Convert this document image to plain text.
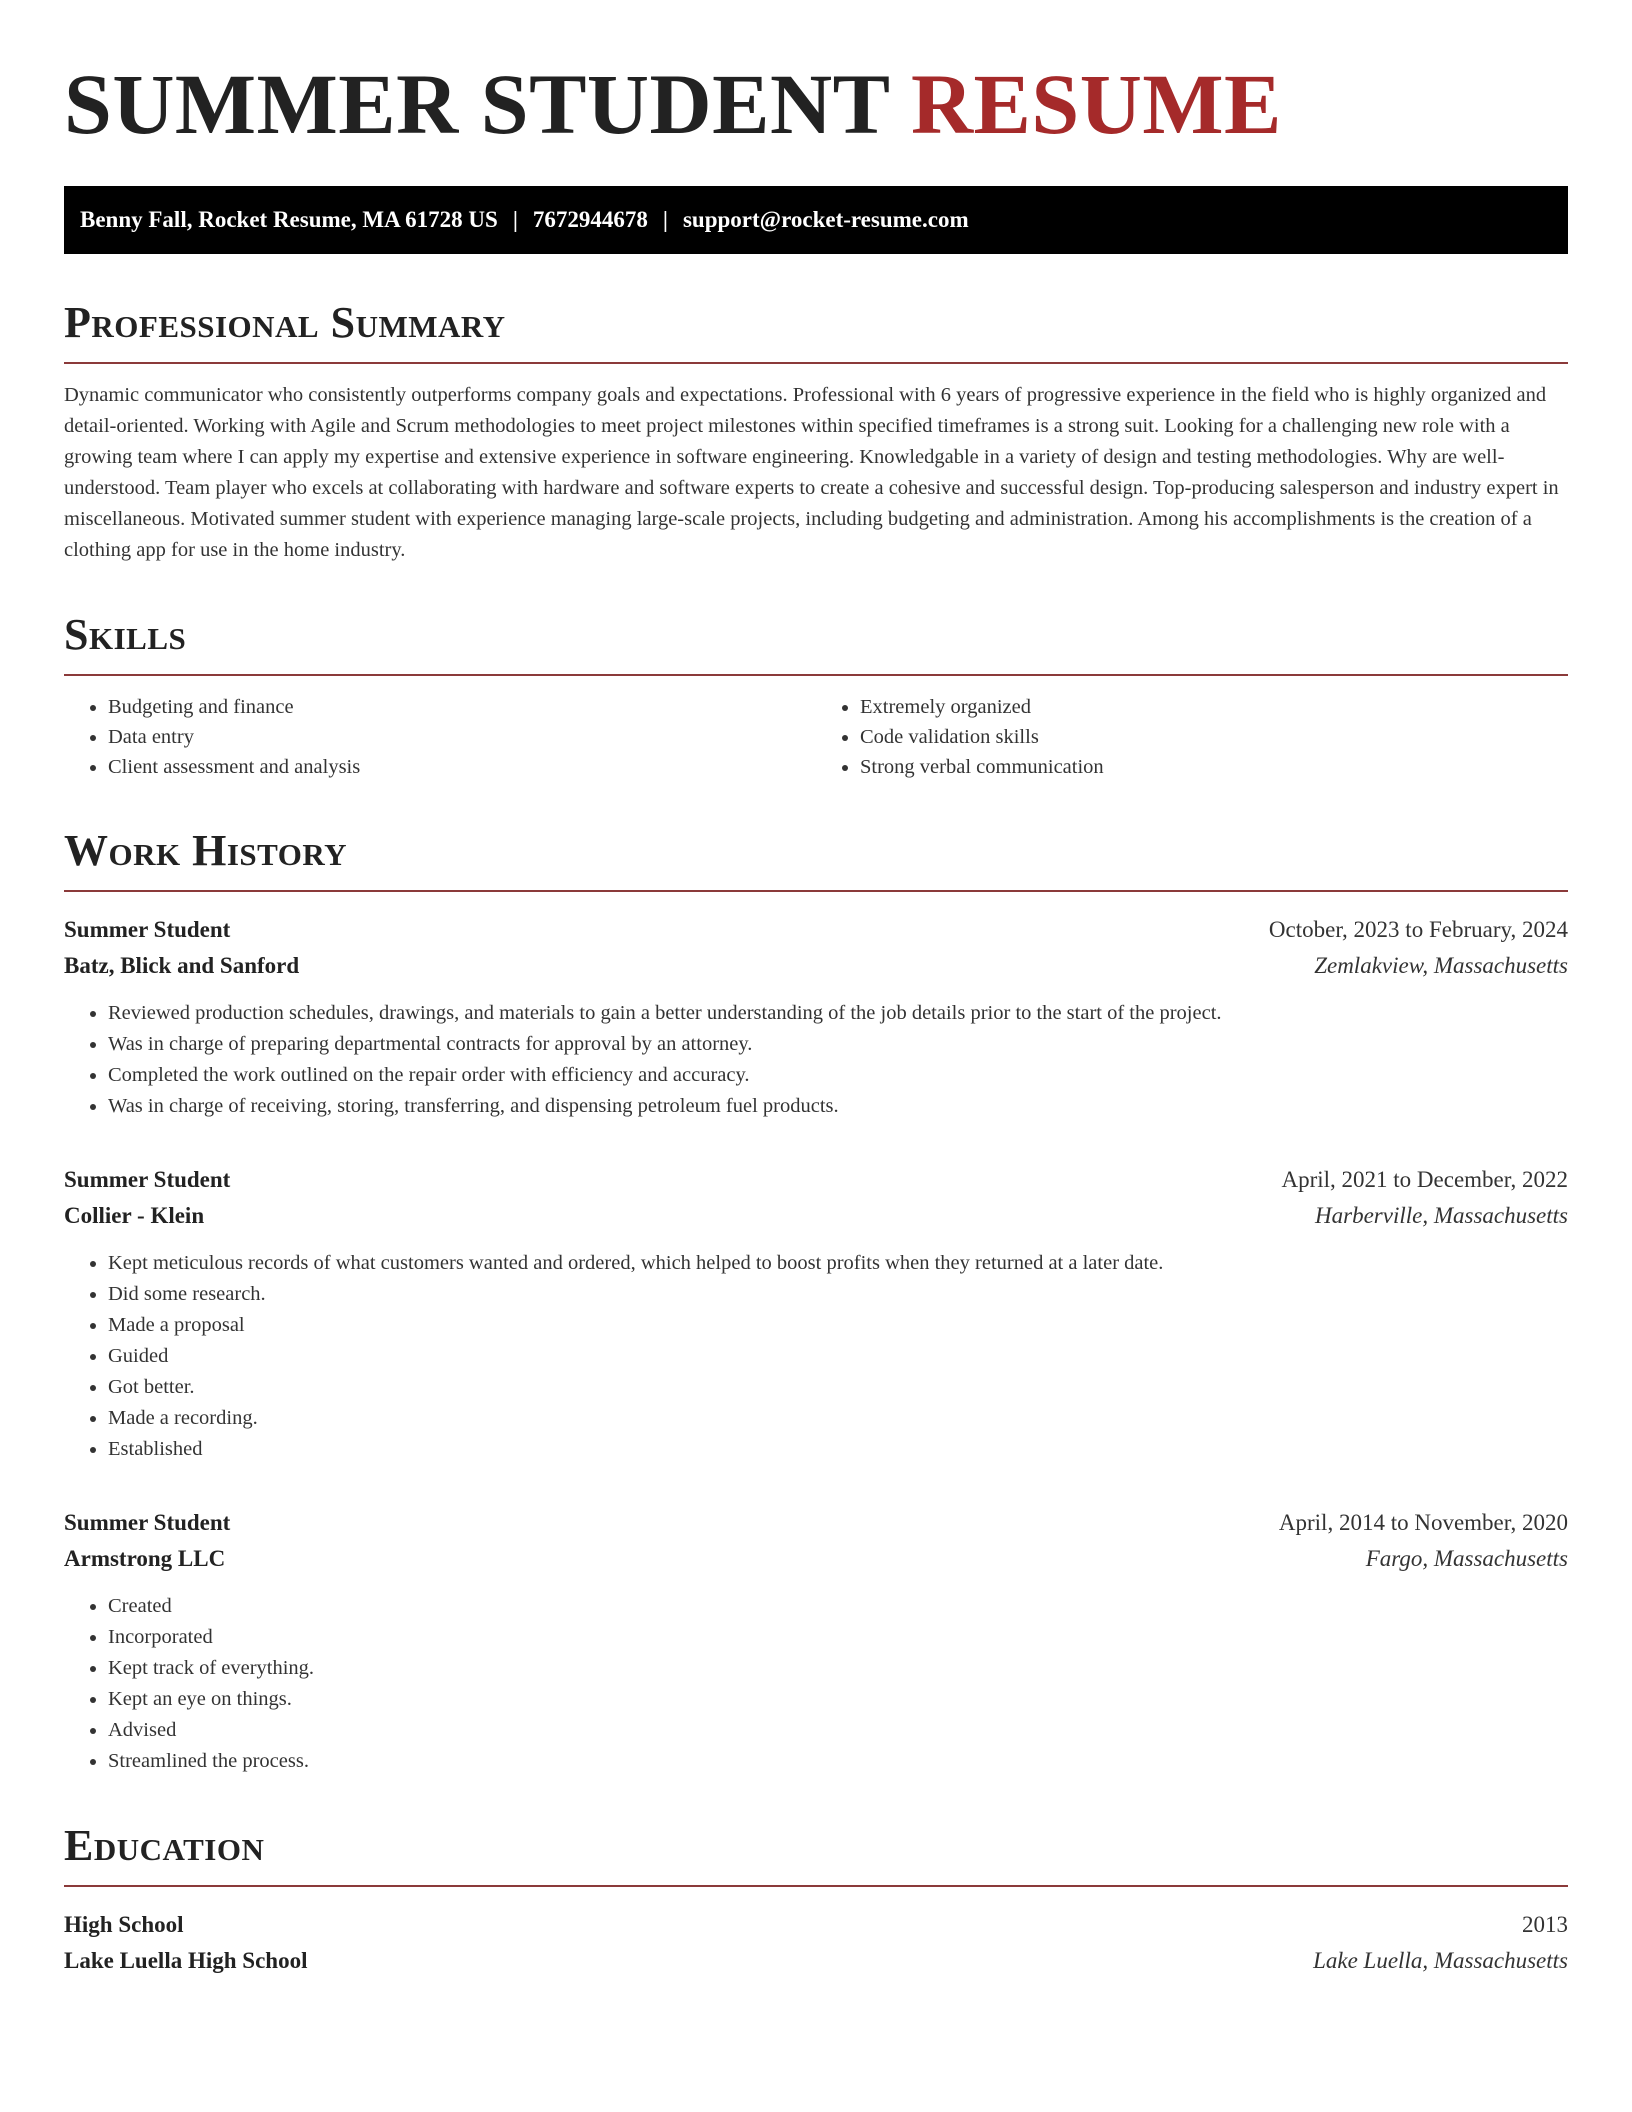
SUMMER STUDENT RESUME
Benny Fall, Rocket Resume, MA 61728 US | 7672944678 | support@rocket-resume.com
Professional Summary

Dynamic communicator who consistently outperforms company goals and expectations. Professional with 6 years of progressive experience in the field who is highly organized and detail-oriented. Working with Agile and Scrum methodologies to meet project milestones within specified timeframes is a strong suit. Looking for a challenging new role with a growing team where I can apply my expertise and extensive experience in software engineering. Knowledgable in a variety of design and testing methodologies. Why are well-understood. Team player who excels at collaborating with hardware and software experts to create a cohesive and successful design. Top-producing salesperson and industry expert in miscellaneous. Motivated summer student with experience managing large-scale projects, including budgeting and administration. Among his accomplishments is the creation of a clothing app for use in the home industry.

Skills
• Budgeting and finance
• Data entry
• Client assessment and analysis
• Extremely organized
• Code validation skills
• Strong verbal communication
Work History
Summer Student	October, 2023 to February, 2024
Batz, Blick and Sanford	Zemlakview, Massachusetts
• Reviewed production schedules, drawings, and materials to gain a better understanding of the job details prior to the start of the project.
• Was in charge of preparing departmental contracts for approval by an attorney.
• Completed the work outlined on the repair order with efficiency and accuracy.
• Was in charge of receiving, storing, transferring, and dispensing petroleum fuel products.
Summer Student	April, 2021 to December, 2022
Collier - Klein	Harberville, Massachusetts
• Kept meticulous records of what customers wanted and ordered, which helped to boost profits when they returned at a later date.
• Did some research.
• Made a proposal
• Guided
• Got better.
• Made a recording.
• Established
Summer Student	April, 2014 to November, 2020
Armstrong LLC	Fargo, Massachusetts
• Created
• Incorporated
• Kept track of everything.
• Kept an eye on things.
• Advised
• Streamlined the process.
Education
High School	2013
Lake Luella High School	Lake Luella, Massachusetts
